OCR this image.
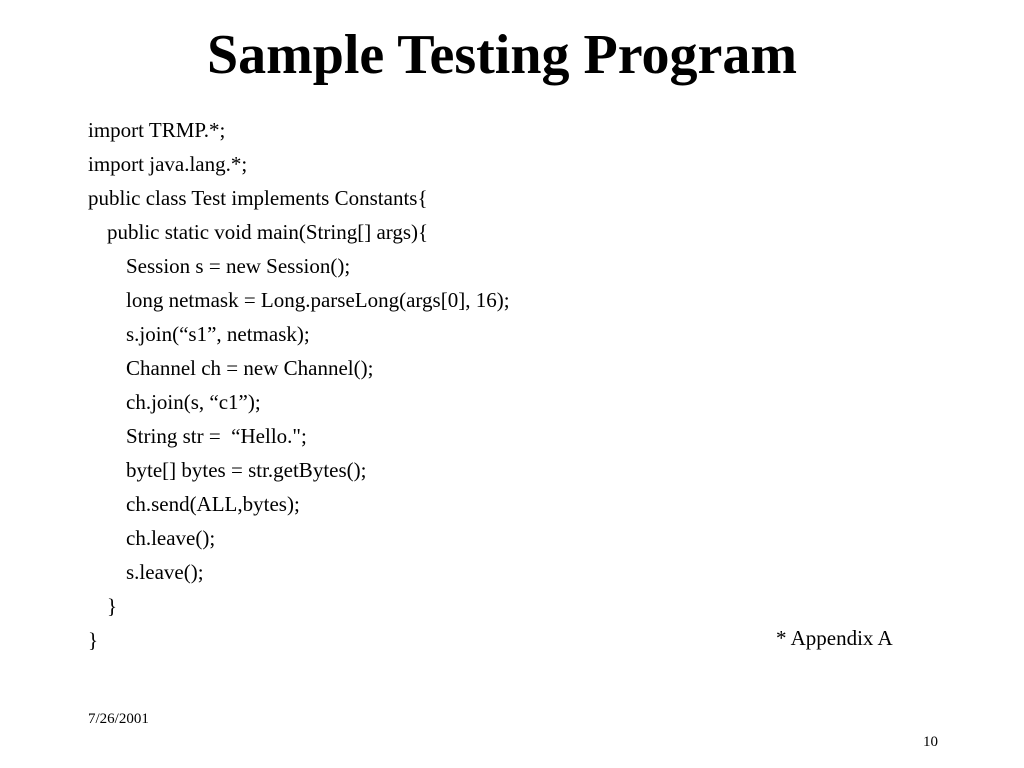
Sample Testing Program
import TRMP.*;
import java.lang.*;
public class Test implements Constants{
public static void main(String[] args){
Session s = new Session();
long netmask = Long.parseLong(args[0], 16);
s.join(“s1”, netmask);
Channel ch = new Channel();
ch.join(s, “c1”);
String str =  “Hello.";
byte[] bytes = str.getBytes();
ch.send(ALL,bytes);
ch.leave();
s.leave();
}
}	* Appendix A
7/26/2001
10
